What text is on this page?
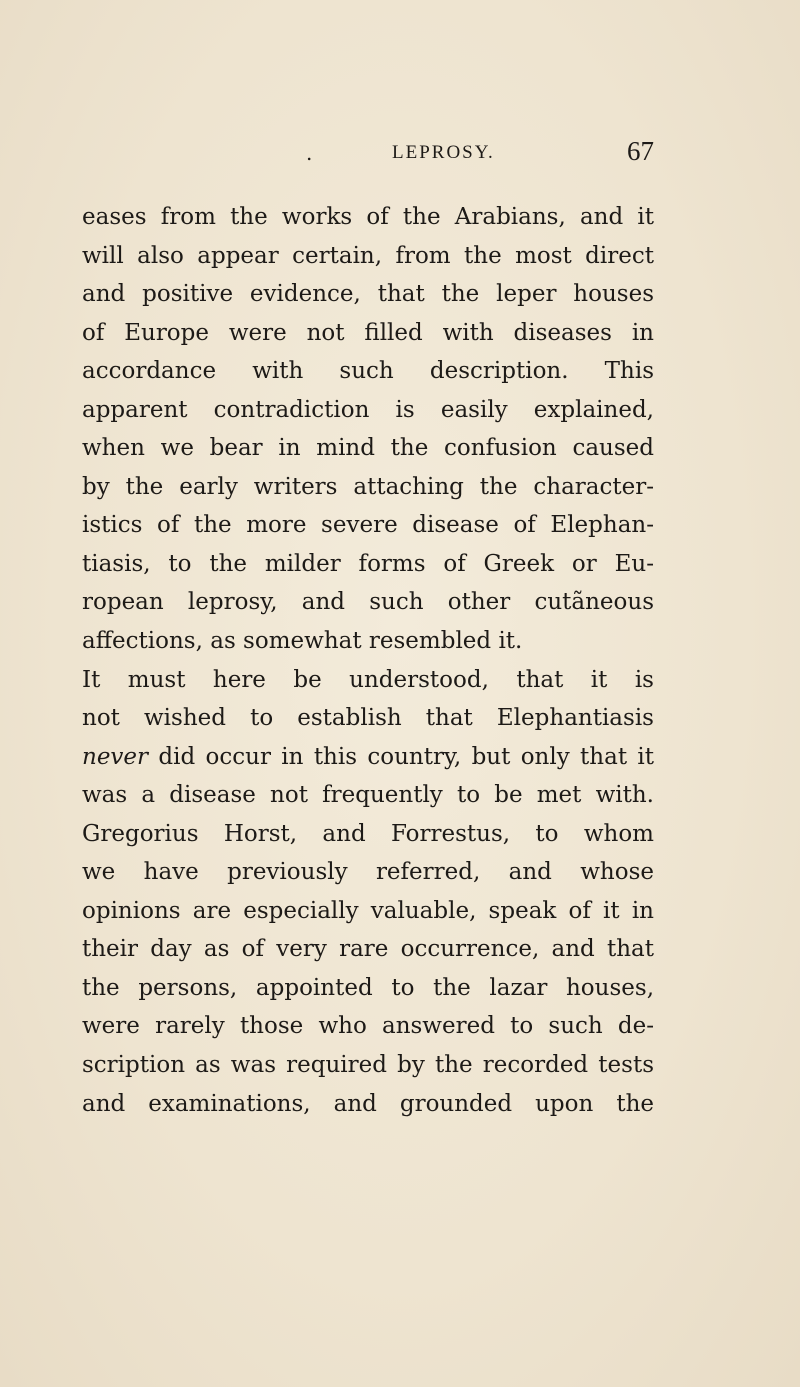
.	LEPROSY.	67
eases from the works of the Arabians, and it
will also appear certain, from the most direct
and positive evidence, that the leper houses
of Europe were not filled with diseases in
accordance with such description. This
apparent contradiction is easily explained,
when we bear in mind the confusion caused
by the early writers attaching the character-
istics of the more severe disease of Elephan-
tiasis, to the milder forms of Greek or Eu-
ropean leprosy, and such other cutãneous
affections, as somewhat resembled it.
It must here be understood, that it is
not wished to establish that Elephantiasis
never did occur in this country, but only that it
was a disease not frequently to be met with.
Gregorius Horst, and Forrestus, to whom
we have previously referred, and whose
opinions are especially valuable, speak of it in
their day as of very rare occurrence, and that
the persons, appointed to the lazar houses,
were rarely those who answered to such de-
scription as was required by the recorded tests
and examinations, and grounded upon the
